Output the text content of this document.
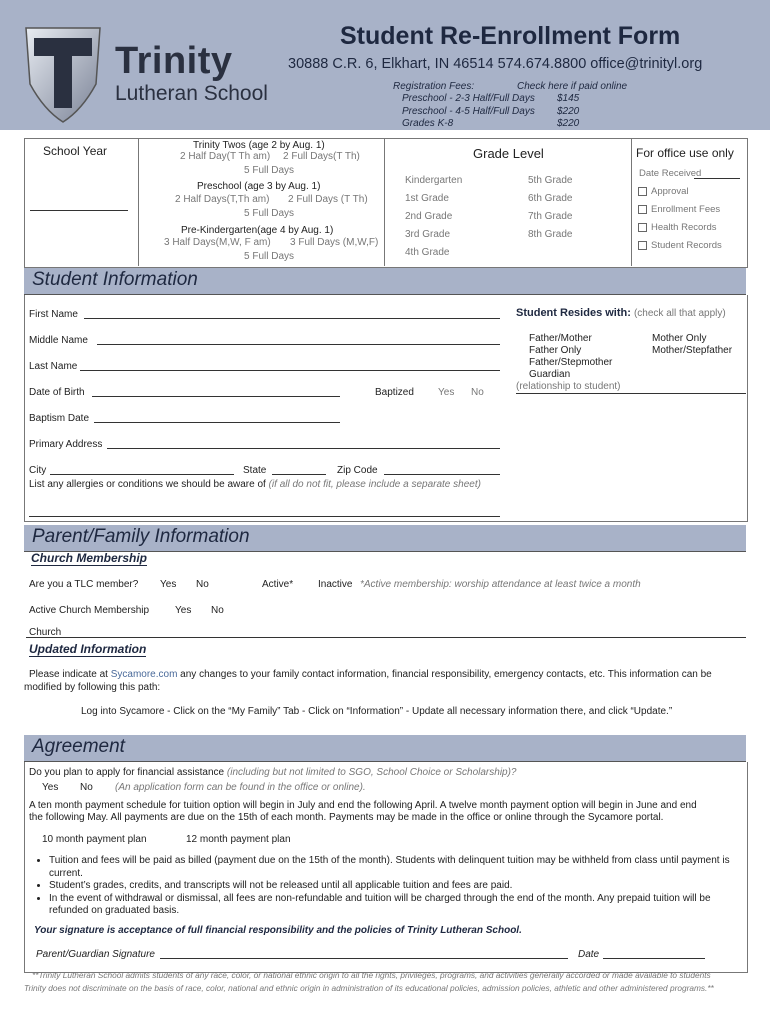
Trinity
Lutheran School
Student Re-Enrollment Form
30888 C.R. 6, Elkhart, IN 46514 574.674.8800 office@trinityl.org
Registration Fees:	Check here if paid online
Preschool - 2-3 Half/Full Days $145
Preschool - 4-5 Half/Full Days $220
Grades K-8	$220
School Year	Trinity Twos (age 2 by Aug. 1)
2 Half Day(T Th am) 2 Full Days(T Th)
5 Full Days
Preschool (age 3 by Aug. 1)
2 Half Days(T,Th am) 2 Full Days (T Th)
5 Full Days
Pre-Kindergarten(age 4 by Aug. 1)
3 Half Days(M,W, F am) 3 Full Days (M,W,F)
5 Full Days
Grade Level
Kindergarten
1st Grade
2nd Grade
3rd Grade
4th Grade
5th Grade
6th Grade
7th Grade
8th Grade
For office use only
Date Received
Approval
Enrollment Fees
Health Records
Student Records
Student Information
First Name
Middle Name
Last Name
Date of Birth	Baptized Yes No
Baptism Date
Primary Address
City	State	Zip Code
List any allergies or conditions we should be aware of (if all do not fit, please include a separate sheet)
Student Resides with: (check all that apply)
Father/Mother
Father Only
Father/Stepmother
Guardian
Mother Only
Mother/Stepfather
(relationship to student)
Parent/Family Information
Church Membership
Are you a TLC member? Yes No	Active* Inactive *Active membership: worship attendance at least twice a month
Active Church Membership	Yes No
Church
Updated Information
Please indicate at Sycamore.com any changes to your family contact information, financial responsibility, emergency contacts, etc. This information can be
modified by following this path:
Log into Sycamore - Click on the “My Family” Tab - Click on “Information” - Update all necessary information there, and click “Update.”
Agreement
Do you plan to apply for financial assistance (including but not limited to SGO, School Choice or Scholarship)?
Yes No (An application form can be found in the office or online).
A ten month payment schedule for tuition option will begin in July and end the following April. A twelve month payment option will begin in June and end
the following May. All payments are due on the 15th of each month. Payments may be made in the office or online through the Sycamore portal.
10 month payment plan	12 month payment plan
• Tuition and fees will be paid as billed (payment due on the 15th of the month). Students with delinquent tuition may be withheld from class until payment is current.
• Student’s grades, credits, and transcripts will not be released until all applicable tuition and fees are paid.
• In the event of withdrawal or dismissal, all fees are non-refundable and tuition will be charged through the end of the month. Any prepaid tuition will be refunded on graduated basis.
Your signature is acceptance of full financial responsibility and the policies of Trinity Lutheran School.
Parent/Guardian Signature	Date
**Trinity Lutheran School admits students of any race, color, or national ethnic origin to all the rights, privileges, programs, and activities generally accorded or made available to students
Trinity does not discriminate on the basis of race, color, national and ethnic origin in administration of its educational policies, admission policies, athletic and other administered programs.**
